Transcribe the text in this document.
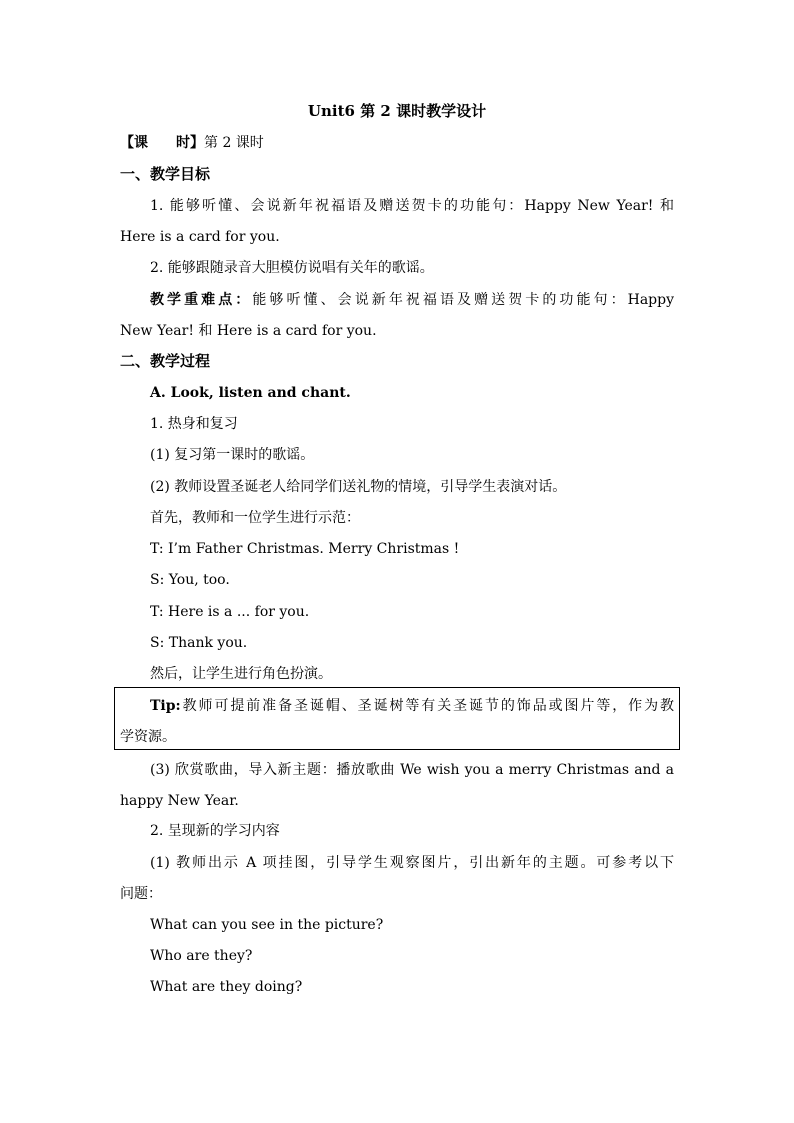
Unit6 第 2 课时教学设计
【课　　时】第 2 课时
一、教学目标
1. 能够听懂、会说新年祝福语及赠送贺卡的功能句：Happy New Year! 和
Here is a card for you.
2. 能够跟随录音大胆模仿说唱有关年的歌谣。
教学重难点：能够听懂、会说新年祝福语及赠送贺卡的功能句：Happy
New Year! 和 Here is a card for you.
二、教学过程
A. Look, listen and chant.
1. 热身和复习
(1) 复习第一课时的歌谣。
(2) 教师设置圣诞老人给同学们送礼物的情境，引导学生表演对话。
首先，教师和一位学生进行示范：
T: I’m Father Christmas. Merry Christmas !
S: You, too.
T: Here is a ... for you.
S: Thank you.
然后，让学生进行角色扮演。
Tip:教师可提前准备圣诞帽、圣诞树等有关圣诞节的饰品或图片等，作为教
学资源。
(3) 欣赏歌曲，导入新主题：播放歌曲 We wish you a merry Christmas and a
happy New Year.
2. 呈现新的学习内容
(1) 教师出示 A 项挂图，引导学生观察图片，引出新年的主题。可参考以下
问题：
What can you see in the picture?
Who are they?
What are they doing?
